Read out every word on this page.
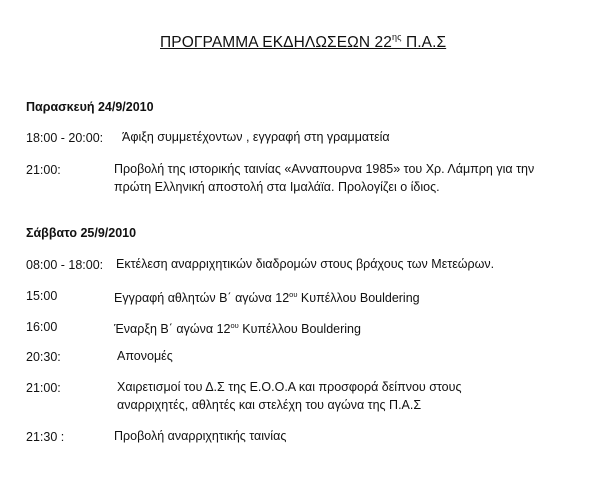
ΠΡΟΓΡΑΜΜΑ ΕΚΔΗΛΩΣΕΩΝ $22^{\eta\varsigma}$ Π.Α.Σ
Παρασκευή 24/9/2010
18:00 - 20:00: Άφιξη συμμετέχοντων , εγγραφή στη γραμματεία
21:00:	Προβολή της ιστορικής ταινίας «Ανναπουρνα 1985» του Χρ. Λάμπρη για την
πρώτη Ελληνική αποστολή στα Ιμαλάϊα. Προλογίζει ο ίδιος.
Σάββατο 25/9/2010
08:00 - 18:00: Εκτέλεση αναρριχητικών διαδρομών στους βράχους των Μετεώρων.
15:00	Εγγραφή αθλητών Β΄ αγώνα $12^{o\upsilon}$ Κυπέλλου Bouldering
16:00	Έναρξη Β΄ αγώνα $12^{o\upsilon}$ Κυπέλλου Bouldering
20:30:	Απονομές
21:00:	Χαιρετισμοί του Δ.Σ της Ε.Ο.Ο.Α και προσφορά δείπνου στους
αναρριχητές, αθλητές και στελέχη του αγώνα της Π.Α.Σ
21:30 :	Προβολή αναρριχητικής ταινίας
